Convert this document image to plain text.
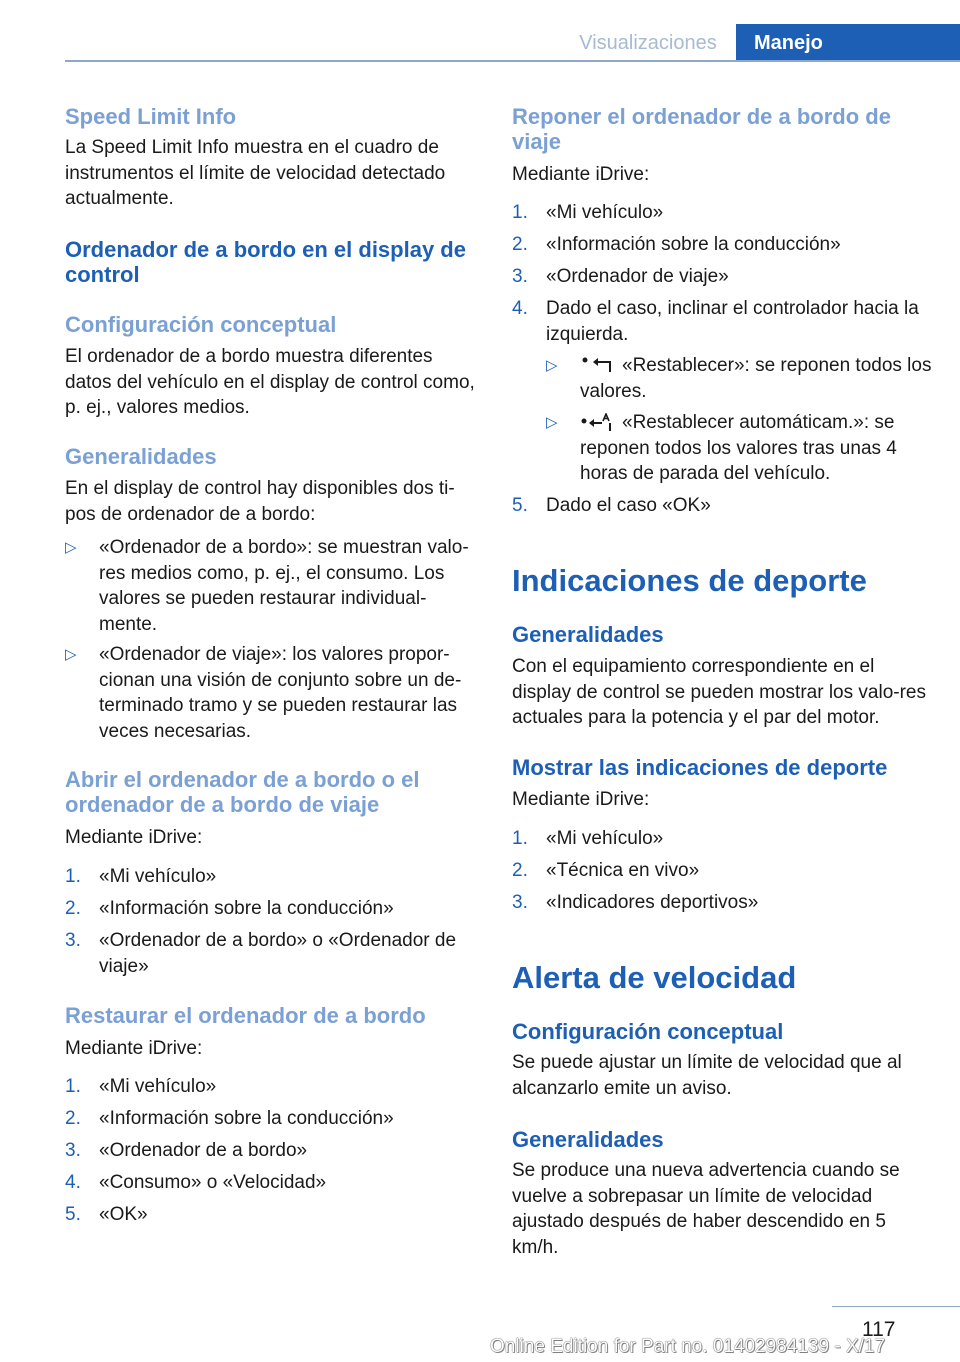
Visualizaciones	Manejo
Speed Limit Info
La Speed Limit Info muestra en el cuadro de instrumentos el límite de velocidad detectado actualmente.
Ordenador de a bordo en el display de control
Configuración conceptual
El ordenador de a bordo muestra diferentes datos del vehículo en el display de control como, p. ej., valores medios.
Generalidades
En el display de control hay disponibles dos ti‐pos de ordenador de a bordo:
▷ «Ordenador de a bordo»: se muestran valo‐res medios como, p. ej., el consumo. Los valores se pueden restaurar individual‐mente.
▷ «Ordenador de viaje»: los valores propor‐cionan una visión de conjunto sobre un de‐terminado tramo y se pueden restaurar las veces necesarias.
Abrir el ordenador de a bordo o el ordenador de a bordo de viaje
Mediante iDrive:
1. «Mi vehículo»
2. «Información sobre la conducción»
3. «Ordenador de a bordo» o «Ordenador de viaje»
Restaurar el ordenador de a bordo
Mediante iDrive:
1. «Mi vehículo»
2. «Información sobre la conducción»
3. «Ordenador de a bordo»
4. «Consumo» o «Velocidad»
5. «OK»
Reponer el ordenador de a bordo de viaje
Mediante iDrive:
1. «Mi vehículo»
2. «Información sobre la conducción»
3. «Ordenador de viaje»
4. Dado el caso, inclinar el controlador hacia la izquierda.
▷	«Restablecer»: se reponen todos los valores.
▷	«Restablecer automáticam.»: se reponen todos los valores tras unas 4 horas de parada del vehículo.
5. Dado el caso «OK»
Indicaciones de deporte
Generalidades
Con el equipamiento correspondiente en el display de control se pueden mostrar los valo‐res actuales para la potencia y el par del motor.
Mostrar las indicaciones de deporte
Mediante iDrive:
1. «Mi vehículo»
2. «Técnica en vivo»
3. «Indicadores deportivos»
Alerta de velocidad
Configuración conceptual
Se puede ajustar un límite de velocidad que al alcanzarlo emite un aviso.
Generalidades
Se produce una nueva advertencia cuando se vuelve a sobrepasar un límite de velocidad ajustado después de haber descendido en 5 km/h.
117
Online Edition for Part no. 01402984139 - X/17
